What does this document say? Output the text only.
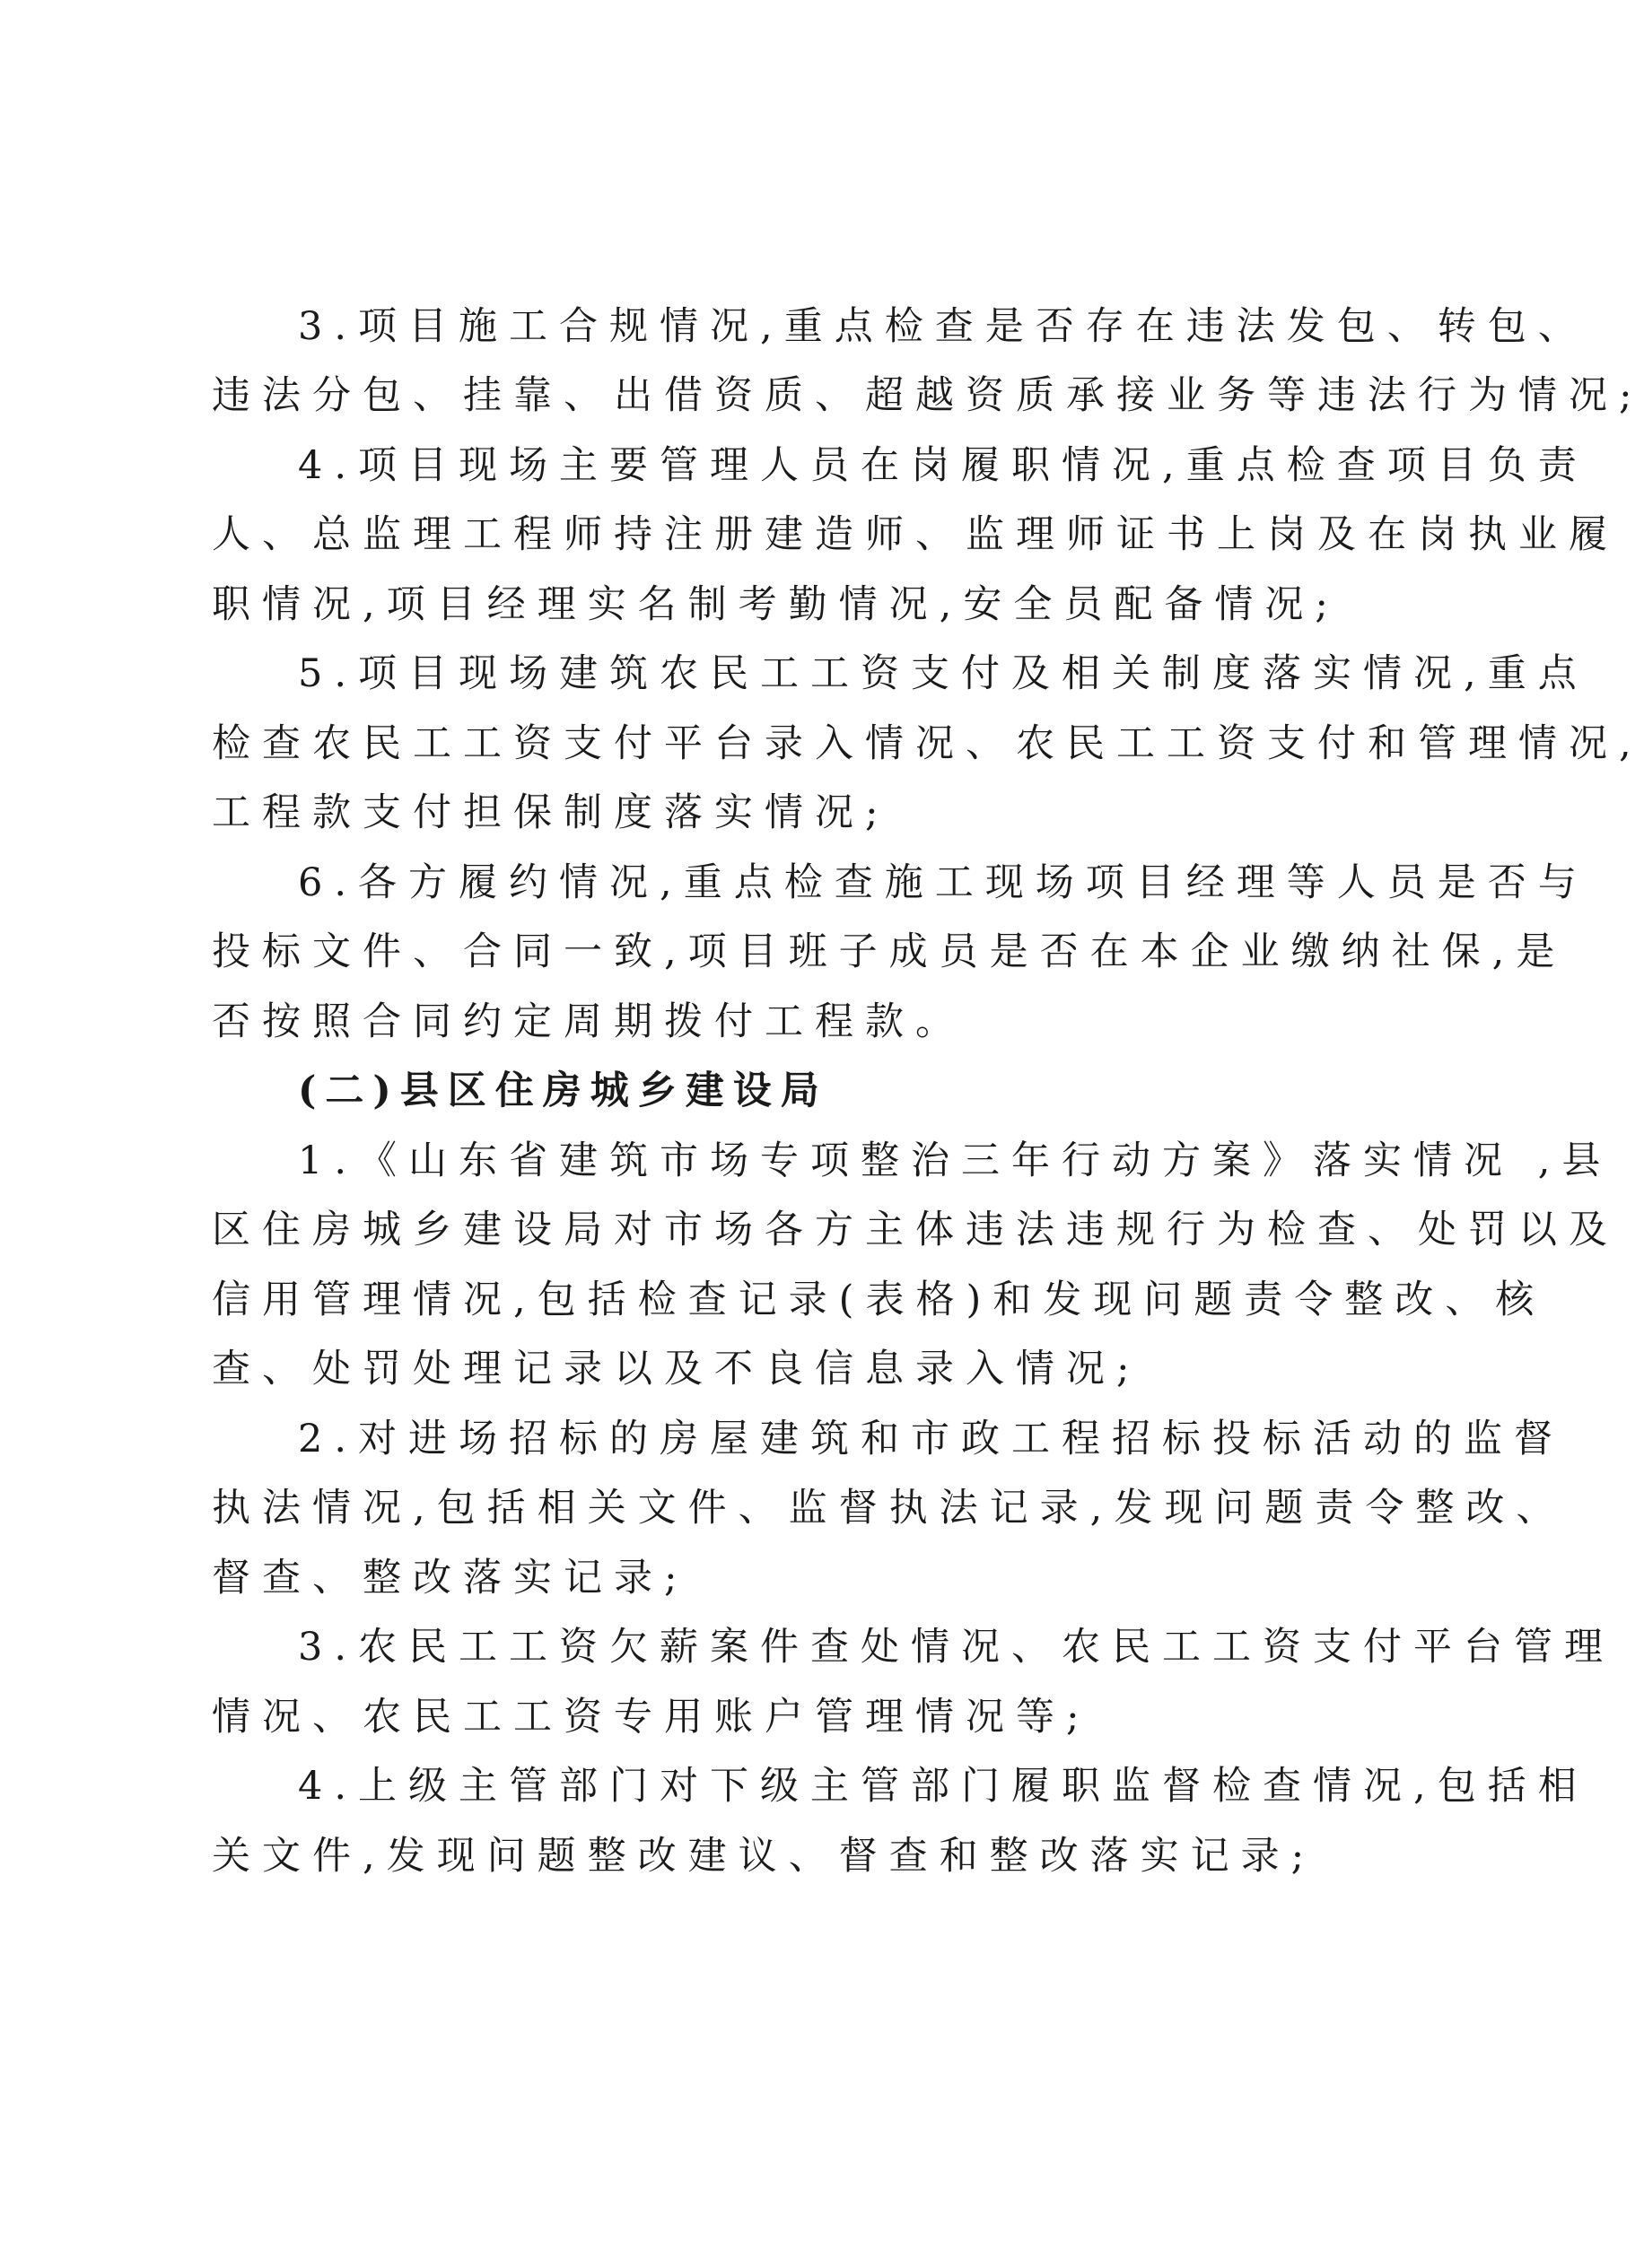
3.项目施工合规情况,重点检查是否存在违法发包、转包、
违法分包、挂靠、出借资质、超越资质承接业务等违法行为情况;
4.项目现场主要管理人员在岗履职情况,重点检查项目负责
人、总监理工程师持注册建造师、监理师证书上岗及在岗执业履
职情况,项目经理实名制考勤情况,安全员配备情况;
5.项目现场建筑农民工工资支付及相关制度落实情况,重点
检查农民工工资支付平台录入情况、农民工工资支付和管理情况,
工程款支付担保制度落实情况;
6.各方履约情况,重点检查施工现场项目经理等人员是否与
投标文件、合同一致,项目班子成员是否在本企业缴纳社保,是
否按照合同约定周期拨付工程款。
(二)县区住房城乡建设局
1.《山东省建筑市场专项整治三年行动方案》落实情况 ,县
区住房城乡建设局对市场各方主体违法违规行为检查、处罚以及
信用管理情况,包括检查记录(表格)和发现问题责令整改、核
查、处罚处理记录以及不良信息录入情况;
2.对进场招标的房屋建筑和市政工程招标投标活动的监督
执法情况,包括相关文件、监督执法记录,发现问题责令整改、
督查、整改落实记录;
3.农民工工资欠薪案件查处情况、农民工工资支付平台管理
情况、农民工工资专用账户管理情况等;
4.上级主管部门对下级主管部门履职监督检查情况,包括相
关文件,发现问题整改建议、督查和整改落实记录;
